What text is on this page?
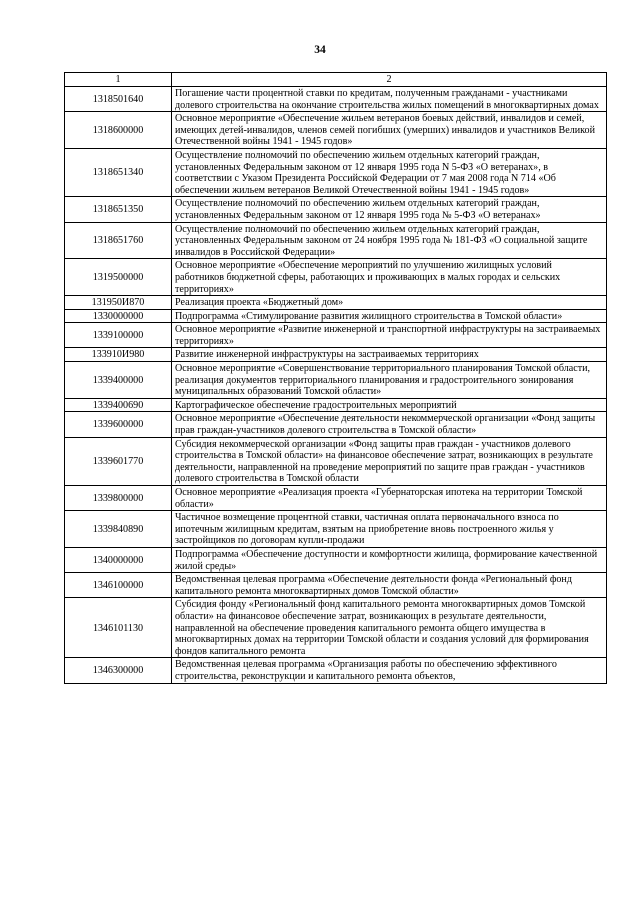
34
1	2
1318501640	Погашение части процентной ставки по кредитам, полученным гражданами - участниками долевого строительства на окончание строительства жилых помещений в многоквартирных домах
1318600000	Основное мероприятие «Обеспечение жильем ветеранов боевых действий, инвалидов и семей, имеющих детей-инвалидов, членов семей погибших (умерших) инвалидов и участников Великой Отечественной войны 1941 - 1945 годов»
1318651340	Осуществление полномочий по обеспечению жильем отдельных категорий граждан, установленных Федеральным законом от 12 января 1995 года N 5-ФЗ «О ветеранах», в соответствии с Указом Президента Российской Федерации от 7 мая 2008 года N 714 «Об обеспечении жильем ветеранов Великой Отечественной войны 1941 - 1945 годов»
1318651350	Осуществление полномочий по обеспечению жильем отдельных категорий граждан, установленных Федеральным законом от 12 января 1995 года № 5-ФЗ «О ветеранах»
1318651760	Осуществление полномочий по обеспечению жильем отдельных категорий граждан, установленных Федеральным законом от 24 ноября 1995 года № 181-ФЗ «О социальной защите инвалидов в Российской Федерации»
1319500000	Основное мероприятие «Обеспечение мероприятий по улучшению жилищных условий работников бюджетной сферы, работающих и проживающих в малых городах и сельских территориях»
131950И870	Реализация проекта «Бюджетный дом»
1330000000	Подпрограмма «Стимулирование развития жилищного строительства в Томской области»
1339100000	Основное мероприятие «Развитие инженерной и транспортной инфраструктуры на застраиваемых территориях»
133910И980	Развитие инженерной инфраструктуры на застраиваемых территориях
1339400000	Основное мероприятие «Совершенствование территориального планирования Томской области, реализация документов территориального планирования и градостроительного зонирования муниципальных образований Томской области»
1339400690	Картографическое обеспечение градостроительных мероприятий
1339600000	Основное мероприятие «Обеспечение деятельности некоммерческой организации «Фонд защиты прав граждан-участников долевого строительства в Томской области»
1339601770	Субсидия некоммерческой организации «Фонд защиты прав граждан - участников долевого строительства в Томской области» на финансовое обеспечение затрат, возникающих в результате деятельности, направленной на проведение мероприятий по защите прав граждан - участников долевого строительства в Томской области
1339800000	Основное мероприятие «Реализация проекта «Губернаторская ипотека на территории Томской области»
1339840890	Частичное возмещение процентной ставки, частичная оплата первоначального взноса по ипотечным жилищным кредитам, взятым на приобретение вновь построенного жилья у застройщиков по договорам купли-продажи
1340000000	Подпрограмма «Обеспечение доступности и комфортности жилища, формирование качественной жилой среды»
1346100000	Ведомственная целевая программа «Обеспечение деятельности фонда «Региональный фонд капитального ремонта многоквартирных домов Томской области»
1346101130	Субсидия фонду «Региональный фонд капитального ремонта многоквартирных домов Томской области» на финансовое обеспечение затрат, возникающих в результате деятельности, направленной на обеспечение проведения капитального ремонта общего имущества в многоквартирных домах на территории Томской области и создания условий для формирования фондов капитального ремонта
1346300000	Ведомственная целевая программа «Организация работы по обеспечению эффективного строительства, реконструкции и капитального ремонта объектов,
